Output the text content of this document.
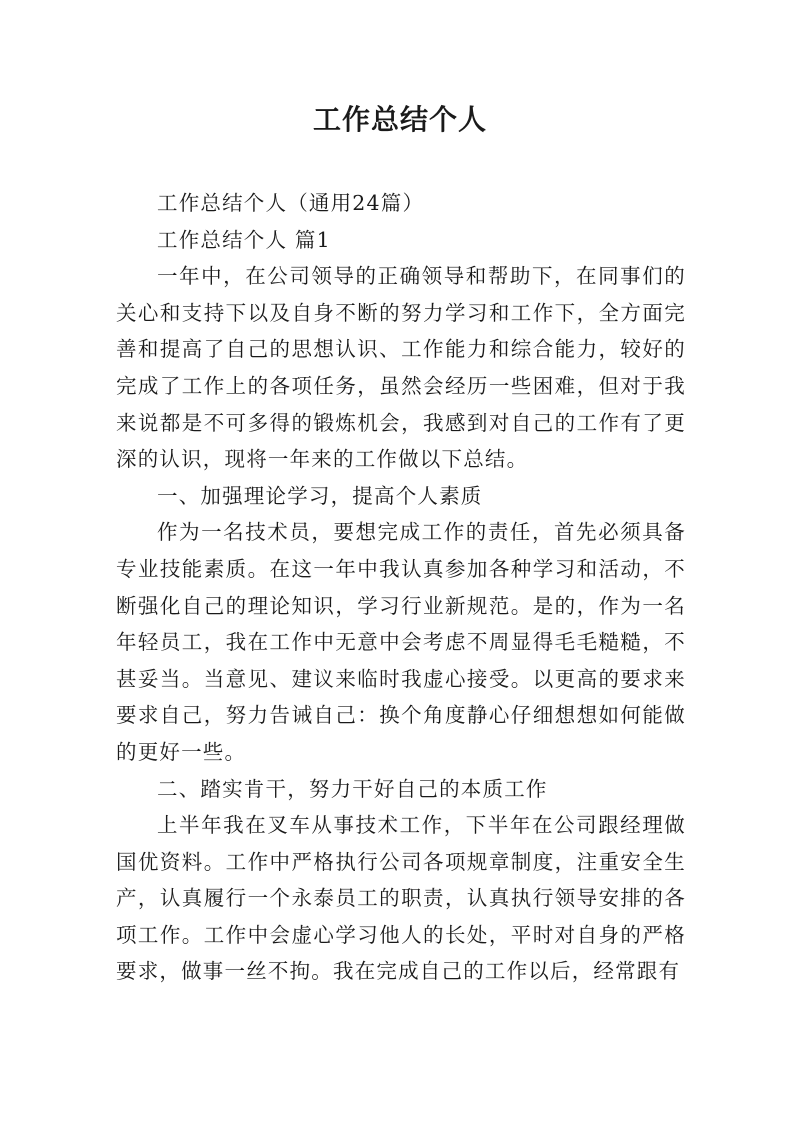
工作总结个人

工作总结个人（通用24篇）

工作总结个人 篇1

一年中，在公司领导的正确领导和帮助下，在同事们的关心和支持下以及自身不断的努力学习和工作下，全方面完善和提高了自己的思想认识、工作能力和综合能力，较好的完成了工作上的各项任务，虽然会经历一些困难，但对于我来说都是不可多得的锻炼机会，我感到对自己的工作有了更深的认识，现将一年来的工作做以下总结。

一、加强理论学习，提高个人素质

作为一名技术员，要想完成工作的责任，首先必须具备专业技能素质。在这一年中我认真参加各种学习和活动，不断强化自己的理论知识，学习行业新规范。是的，作为一名年轻员工，我在工作中无意中会考虑不周显得毛毛糙糙，不甚妥当。当意见、建议来临时我虚心接受。以更高的要求来要求自己，努力告诫自己：换个角度静心仔细想想如何能做的更好一些。

二、踏实肯干，努力干好自己的本质工作

上半年我在叉车从事技术工作，下半年在公司跟经理做国优资料。工作中严格执行公司各项规章制度，注重安全生产，认真履行一个永泰员工的职责，认真执行领导安排的各项工作。工作中会虚心学习他人的长处，平时对自身的严格要求，做事一丝不拘。我在完成自己的工作以后，经常跟有
